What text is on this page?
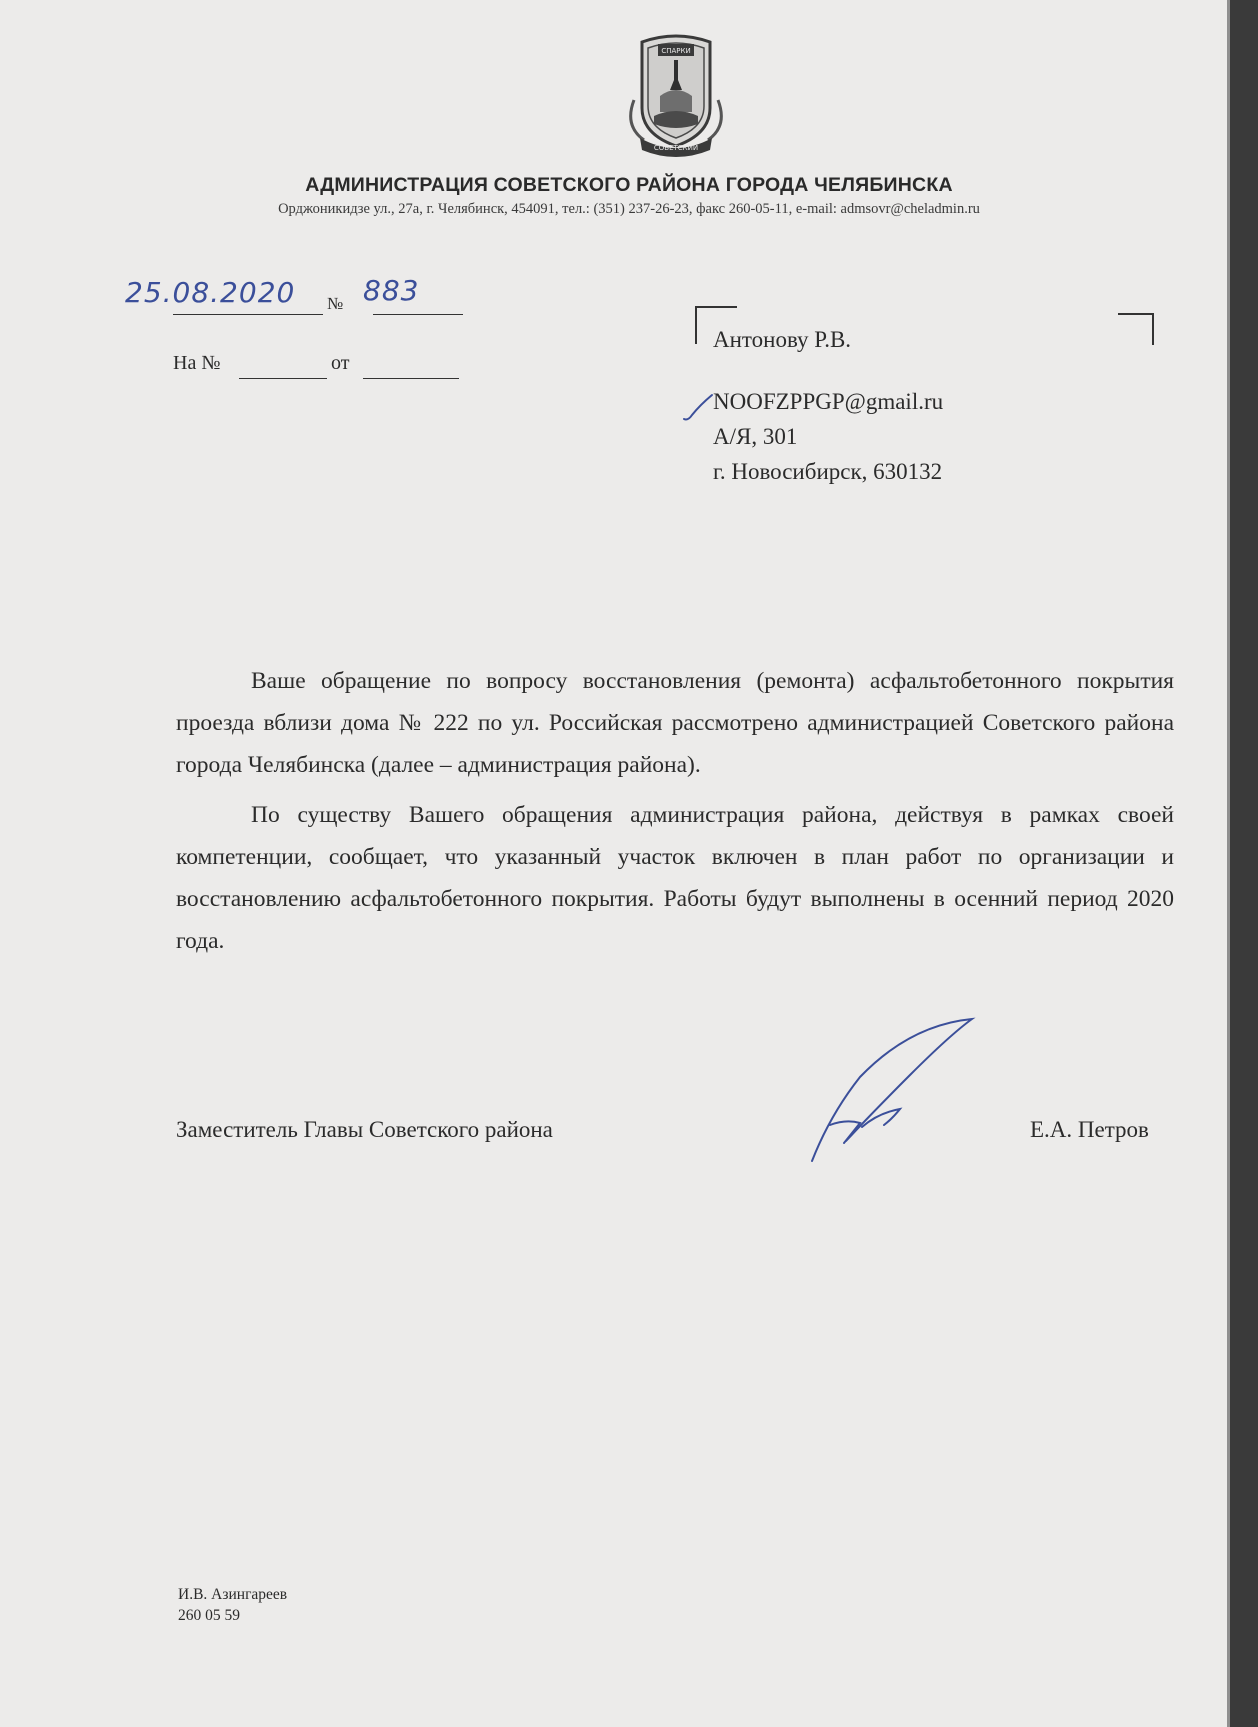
СПАРКИ
СОВЕТСКИЙ
АДМИНИСТРАЦИЯ СОВЕТСКОГО РАЙОНА ГОРОДА ЧЕЛЯБИНСКА
Орджоникидзе ул., 27а, г. Челябинск, 454091, тел.: (351) 237-26-23, факс 260-05-11, e-mail: admsovr@cheladmin.ru
25.08.2020 № 883
На №	от
Антонову Р.В.
NOOFZPPGP@gmail.ru
А/Я, 301
г. Новосибирск, 630132

Ваше обращение по вопросу восстановления (ремонта) асфальтобетонного покрытия проезда вблизи дома № 222 по ул. Российская рассмотрено администрацией Советского района города Челябинска (далее – администрация района).

По существу Вашего обращения администрация района, действуя в рамках своей компетенции, сообщает, что указанный участок включен в план работ по организации и восстановлению асфальтобетонного покрытия. Работы будут выполнены в осенний период 2020 года.

Заместитель Главы Советского района	Е.А. Петров
И.В. Азингареев
260 05 59
